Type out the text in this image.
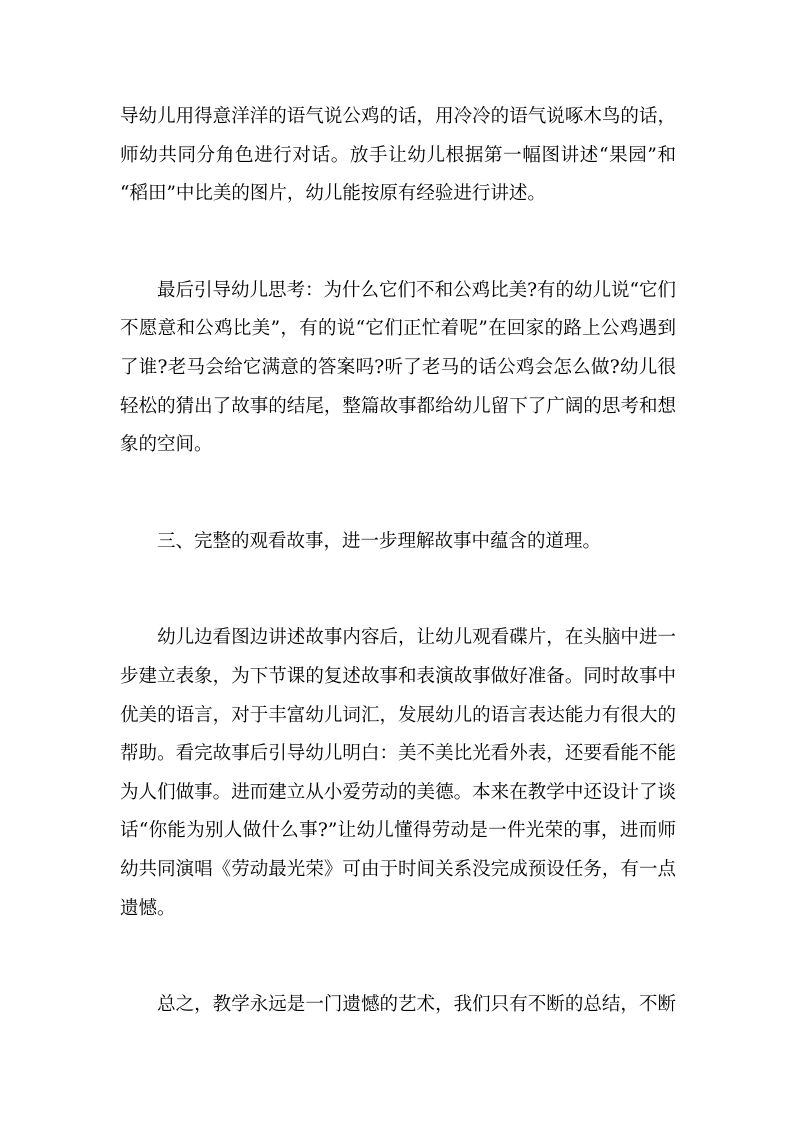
导幼儿用得意洋洋的语气说公鸡的话，用冷冷的语气说啄木鸟的话，
师幼共同分角色进行对话。放手让幼儿根据第一幅图讲述“果园”和
“稻田”中比美的图片，幼儿能按原有经验进行讲述。
　　最后引导幼儿思考：为什么它们不和公鸡比美?有的幼儿说“它们
不愿意和公鸡比美”，有的说“它们正忙着呢”在回家的路上公鸡遇到
了谁?老马会给它满意的答案吗?听了老马的话公鸡会怎么做?幼儿很
轻松的猜出了故事的结尾，整篇故事都给幼儿留下了广阔的思考和想
象的空间。
　　三、完整的观看故事，进一步理解故事中蕴含的道理。
　　幼儿边看图边讲述故事内容后，让幼儿观看碟片，在头脑中进一
步建立表象，为下节课的复述故事和表演故事做好准备。同时故事中
优美的语言，对于丰富幼儿词汇，发展幼儿的语言表达能力有很大的
帮助。看完故事后引导幼儿明白：美不美比光看外表，还要看能不能
为人们做事。进而建立从小爱劳动的美德。本来在教学中还设计了谈
话“你能为别人做什么事?”让幼儿懂得劳动是一件光荣的事，进而师
幼共同演唱《劳动最光荣》可由于时间关系没完成预设任务，有一点
遗憾。
　　总之，教学永远是一门遗憾的艺术，我们只有不断的总结，不断
